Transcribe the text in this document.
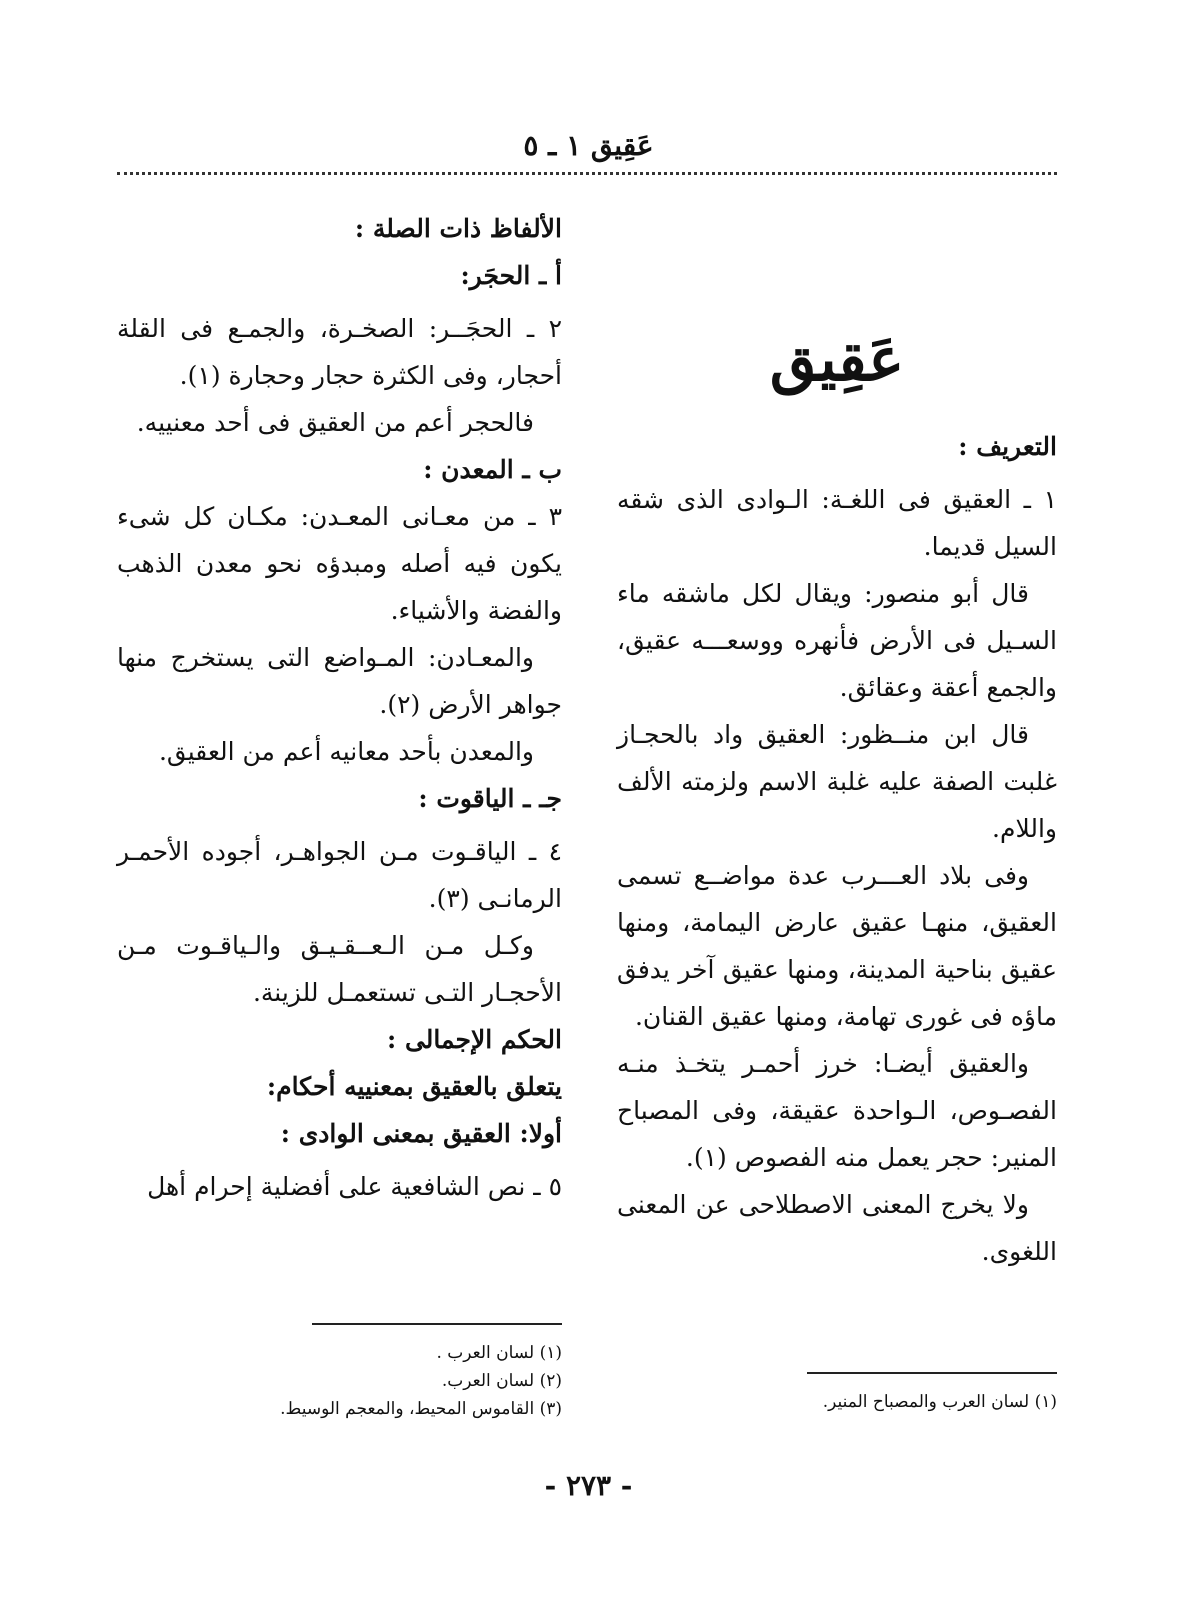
عَقِيق ١ ـ ٥
عَقِيق

التعريف :

١ ـ العقيق فى اللغـة: الـوادى الذى شقه السيل قديما.

قال أبو منصور: ويقال لكل ماشقه ماء السـيل فى الأرض فأنهره ووسعـــه عقيق، والجمع أعقة وعقائق.

قال ابن منــظور: العقيق واد بالحجـاز غلبت الصفة عليه غلبة الاسم ولزمته الألف واللام.

وفى بلاد العـــرب عدة مواضــع تسمى العقيق، منهـا عقيق عارض اليمامة، ومنها عقيق بناحية المدينة، ومنها عقيق آخر يدفق ماؤه فى غورى تهامة، ومنها عقيق القنان.

والعقيق أيضـا: خرز أحمـر يتخـذ منـه الفصـوص، الـواحدة عقيقة، وفى المصباح المنير: حجر يعمل منه الفصوص (١).

ولا يخرج المعنى الاصطلاحى عن المعنى اللغوى.

(١) لسان العرب والمصباح المنير.

الألفاظ ذات الصلة :

أ ـ الحجَر:

٢ ـ الحجَــر: الصخـرة، والجمـع فى القلة أحجار، وفى الكثرة حجار وحجارة (١).

فالحجر أعم من العقيق فى أحد معنييه.

ب ـ المعدن :

٣ ـ من معـانى المعـدن: مكـان كل شىء يكون فيه أصله ومبدؤه نحو معدن الذهب والفضة والأشياء.

والمعـادن: المـواضع التى يستخرج منها جواهر الأرض (٢).

والمعدن بأحد معانيه أعم من العقيق.

جـ ـ الياقوت :

٤ ـ الياقـوت مـن الجواهـر، أجوده الأحمـر الرمانـى (٣).

وكـل مـن الـعــقـيـق والـياقـوت مـن الأحجـار التـى تستعمـل للزينة.

الحكم الإجمالى :

يتعلق بالعقيق بمعنييه أحكام:

أولا: العقيق بمعنى الوادى :

٥ ـ نص الشافعية على أفضلية إحرام أهل

(١) لسان العرب .

(٢) لسان العرب.

(٣) القاموس المحيط، والمعجم الوسيط.

- ٢٧٣ -
